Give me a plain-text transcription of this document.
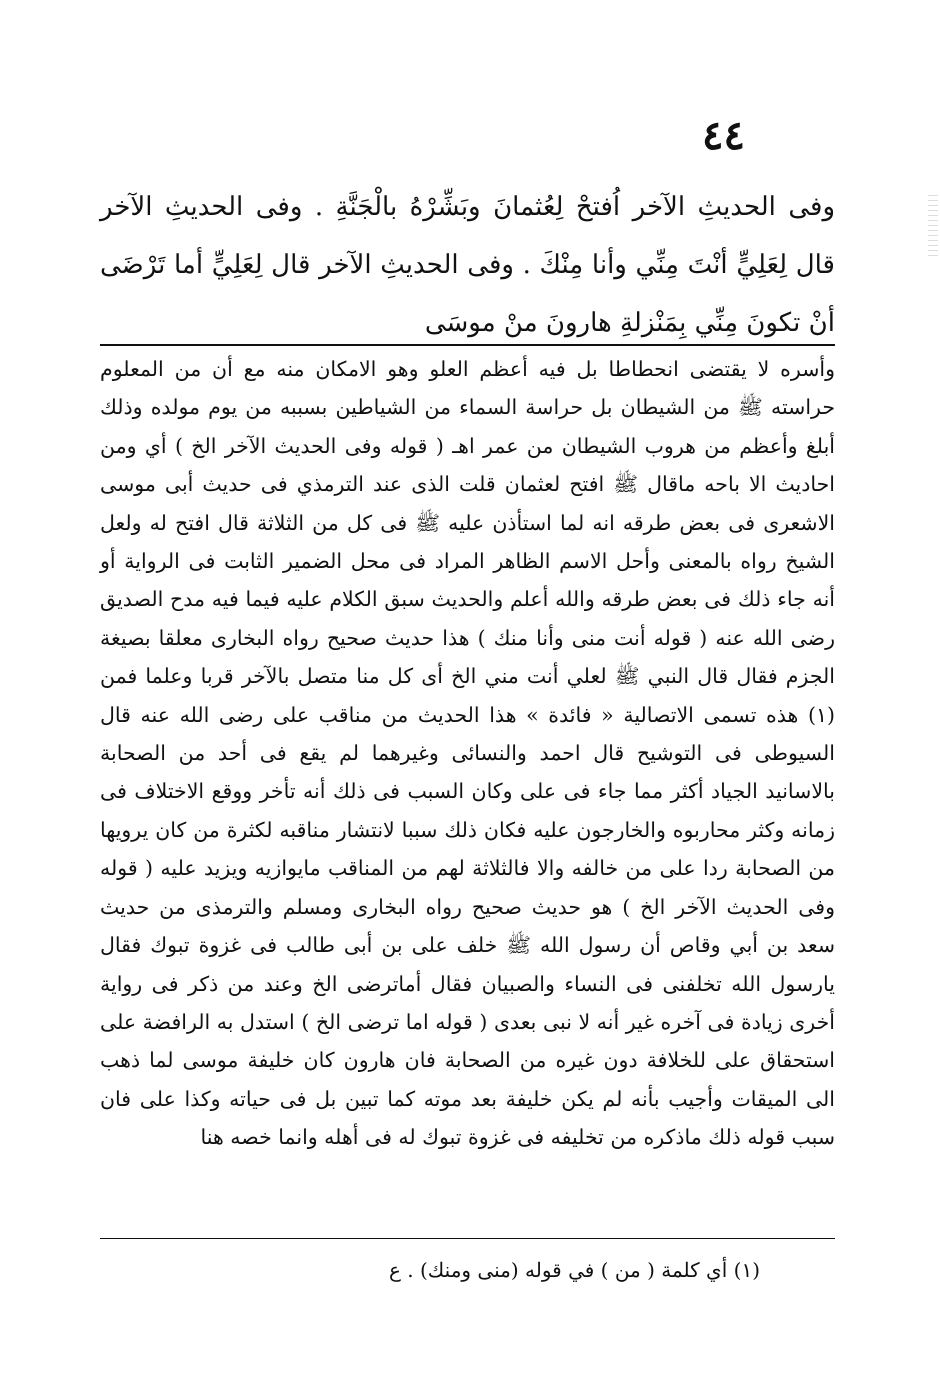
٤٤

وفى الحديثِ الآخر اُفتحْ لِعُثمانَ وبَشِّرْهُ بالْجَنَّةِ . وفى الحديثِ الآخر قال لِعَلِيٍّ أنْتَ مِنِّي وأنا مِنْكَ . وفى الحديثِ الآخر قال لِعَلِيٍّ أما تَرْضَى أنْ تكونَ مِنِّي بِمَنْزلةِ هارونَ منْ موسَى

وأسره لا يقتضى انحطاطا بل فيه أعظم العلو وهو الامكان منه مع أن من المعلوم حراسته ﷺ من الشيطان بل حراسة السماء من الشياطين بسببه من يوم مولده وذلك أبلغ وأعظم من هروب الشيطان من عمر اهـ ( قوله وفى الحديث الآخر الخ ) أي ومن احاديث الا باحه ماقال ﷺ افتح لعثمان قلت الذى عند الترمذي فى حديث أبى موسى الاشعرى فى بعض طرقه انه لما استأذن عليه ﷺ فى كل من الثلاثة قال افتح له ولعل الشيخ رواه بالمعنى وأحل الاسم الظاهر المراد فى محل الضمير الثابت فى الرواية أو أنه جاء ذلك فى بعض طرقه والله أعلم والحديث سبق الكلام عليه فيما فيه مدح الصديق رضى الله عنه ( قوله أنت منى وأنا منك ) هذا حديث صحيح رواه البخارى معلقا بصيغة الجزم فقال قال النبي ﷺ لعلي أنت مني الخ أى كل منا متصل بالآخر قربا وعلما فمن (١) هذه تسمى الاتصالية « فائدة » هذا الحديث من مناقب على رضى الله عنه قال السيوطى فى التوشيح قال احمد والنسائى وغيرهما لم يقع فى أحد من الصحابة بالاسانيد الجياد أكثر مما جاء فى على وكان السبب فى ذلك أنه تأخر ووقع الاختلاف فى زمانه وكثر محاربوه والخارجون عليه فكان ذلك سببا لانتشار مناقبه لكثرة من كان يرويها من الصحابة ردا على من خالفه والا فالثلاثة لهم من المناقب مايوازيه ويزيد عليه ( قوله وفى الحديث الآخر الخ ) هو حديث صحيح رواه البخارى ومسلم والترمذى من حديث سعد بن أبي وقاص أن رسول الله ﷺ خلف على بن أبى طالب فى غزوة تبوك فقال يارسول الله تخلفنى فى النساء والصبيان فقال أماترضى الخ وعند من ذكر فى رواية أخرى زيادة فى آخره غير أنه لا نبى بعدى ( قوله اما ترضى الخ ) استدل به الرافضة على استحقاق على للخلافة دون غيره من الصحابة فان هارون كان خليفة موسى لما ذهب الى الميقات وأجيب بأنه لم يكن خليفة بعد موته كما تبين بل فى حياته وكذا على فان سبب قوله ذلك ماذكره من تخليفه فى غزوة تبوك له فى أهله وانما خصه هنا

(١) أي كلمة ( من ) في قوله (منى ومنك) . ع
